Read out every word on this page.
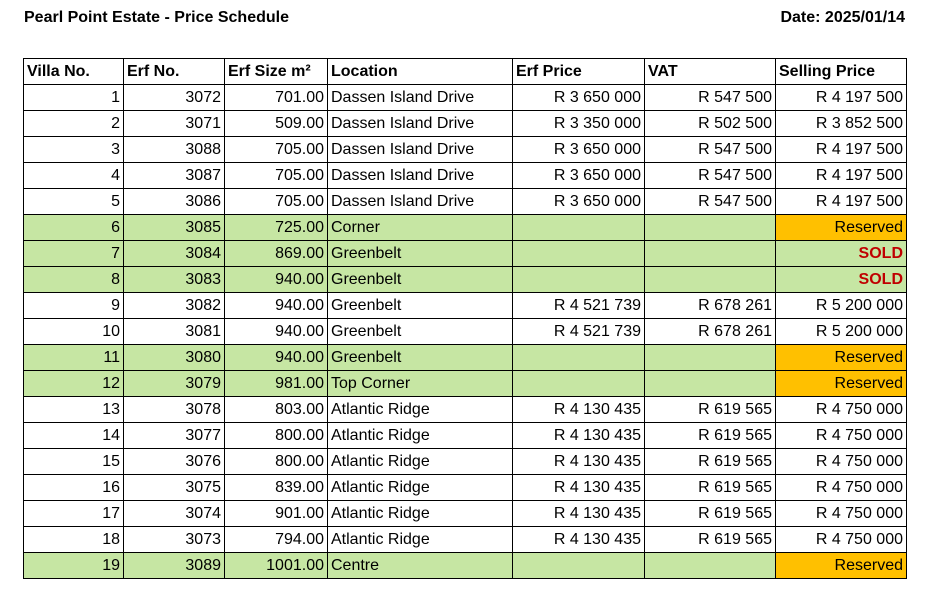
Pearl Point Estate - Price Schedule	Date: 2025/01/14
Villa No.	Erf No.	Erf Size m²	Location	Erf Price	VAT	Selling Price
1	3072	701.00	Dassen Island Drive	R 3 650 000	R 547 500	R 4 197 500
2	3071	509.00	Dassen Island Drive	R 3 350 000	R 502 500	R 3 852 500
3	3088	705.00	Dassen Island Drive	R 3 650 000	R 547 500	R 4 197 500
4	3087	705.00	Dassen Island Drive	R 3 650 000	R 547 500	R 4 197 500
5	3086	705.00	Dassen Island Drive	R 3 650 000	R 547 500	R 4 197 500
6	3085	725.00	Corner			Reserved
7	3084	869.00	Greenbelt			SOLD
8	3083	940.00	Greenbelt			SOLD
9	3082	940.00	Greenbelt	R 4 521 739	R 678 261	R 5 200 000
10	3081	940.00	Greenbelt	R 4 521 739	R 678 261	R 5 200 000
11	3080	940.00	Greenbelt			Reserved
12	3079	981.00	Top Corner			Reserved
13	3078	803.00	Atlantic Ridge	R 4 130 435	R 619 565	R 4 750 000
14	3077	800.00	Atlantic Ridge	R 4 130 435	R 619 565	R 4 750 000
15	3076	800.00	Atlantic Ridge	R 4 130 435	R 619 565	R 4 750 000
16	3075	839.00	Atlantic Ridge	R 4 130 435	R 619 565	R 4 750 000
17	3074	901.00	Atlantic Ridge	R 4 130 435	R 619 565	R 4 750 000
18	3073	794.00	Atlantic Ridge	R 4 130 435	R 619 565	R 4 750 000
19	3089	1001.00	Centre			Reserved
